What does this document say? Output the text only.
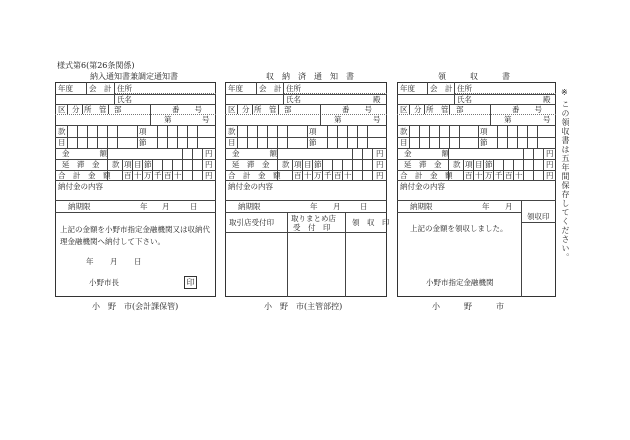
様式第6(第26条関係)
納入通知書兼調定通知書
年度 会　計 住所
氏名
区 分 所　管　部	番　　号
第	号
款	項
目	節
金　　　　額	円
延　滞　金 款 項 目 節	円
合　計　金　額 百 十 万 千 百 十	円
納付金の内容
納期限	年 月	日
上記の金額を小野市指定金融機関又は収納代理金融機関へ納付して下さい。
年 月 日
小野市長	印
小　野　市(会計課保管)
収　納　済　通　知　書
年度 会　計 住所
氏名	殿
区 分 所　管　部	番　　号
第	号
款	項
目	節
金　　　　額	円
延　滞　金 款 項 目 節	円
合　計　金　額 百 十 万 千 百 十	円
納付金の内容
納期限	年 月	日
取引店受付印 取りまとめ店
受　付　印
領　収　印
小　野　市(主管部控)
領　　　収　　　書
年度 会　計 住所
氏名	殿
区 分 所　管　部	番　　号
第	号
款	項
目	節
金　　　　額	円
延　滞　金 款 項 目 節	円
合　計　金　額 百 十 万 千 百 十	円
納付金の内容
納期限	年 月
領収印
上記の金額を領収しました。
小野市指定金融機関
小　　　野　　　市
※
この領収書は五年間保存してください。
